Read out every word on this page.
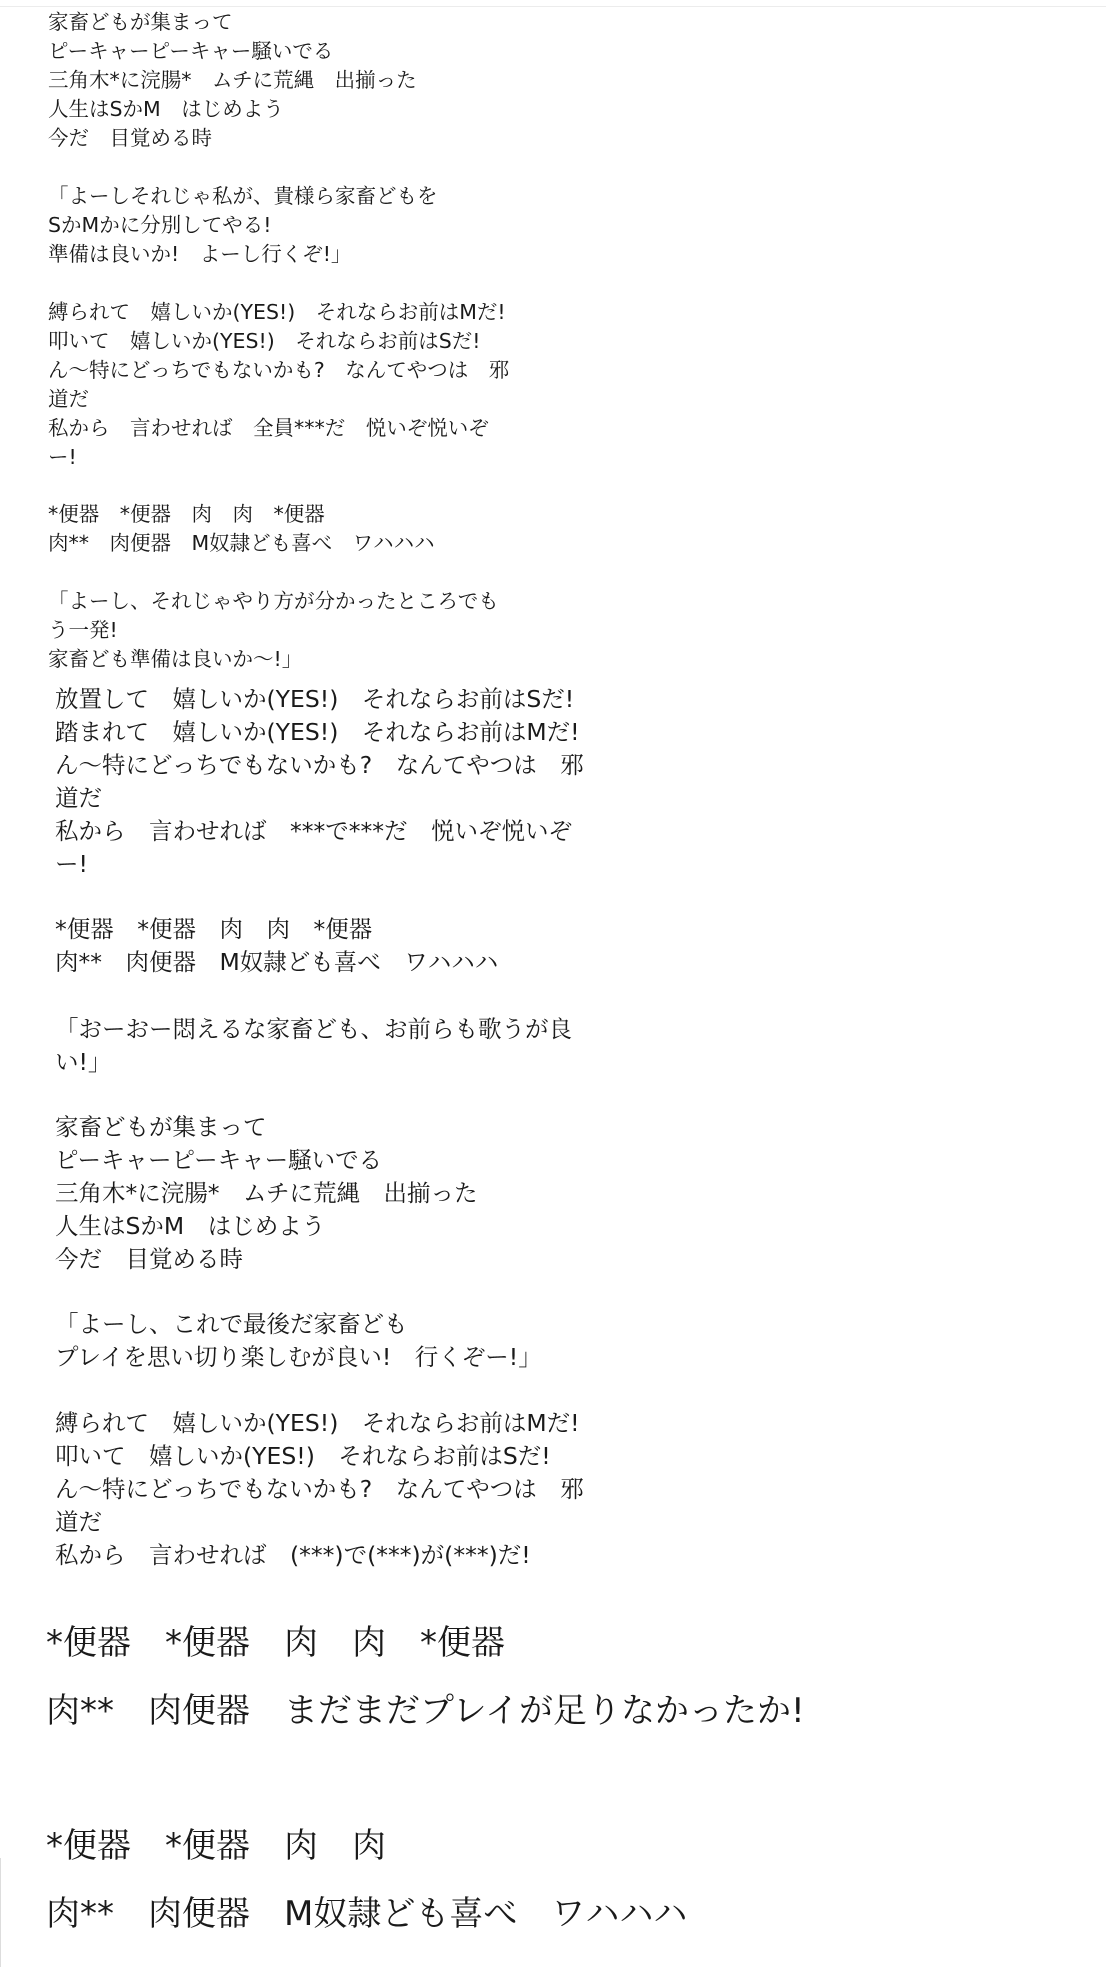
家畜どもが集まって
ピーキャーピーキャー騒いでる
三角木*に浣腸*　ムチに荒縄　出揃った
人生はSかM　はじめよう
今だ　目覚める時
「よーしそれじゃ私が、貴様ら家畜どもを
SかMかに分別してやる!
準備は良いか!　よーし行くぞ!」
縛られて　嬉しいか(YES!)　それならお前はMだ!
叩いて　嬉しいか(YES!)　それならお前はSだ!
ん～特にどっちでもないかも?　なんてやつは　邪
道だ
私から　言わせれば　全員***だ　悦いぞ悦いぞ
ー!
*便器　*便器　肉　肉　*便器
肉**　肉便器　M奴隷ども喜べ　ワハハハ
「よーし、それじゃやり方が分かったところでも
う一発!
家畜ども準備は良いか～!」
放置して　嬉しいか(YES!)　それならお前はSだ!
踏まれて　嬉しいか(YES!)　それならお前はMだ!
ん～特にどっちでもないかも?　なんてやつは　邪
道だ
私から　言わせれば　***で***だ　悦いぞ悦いぞ
ー!
*便器　*便器　肉　肉　*便器
肉**　肉便器　M奴隷ども喜べ　ワハハハ
「おーおー悶えるな家畜ども、お前らも歌うが良
い!」
家畜どもが集まって
ピーキャーピーキャー騒いでる
三角木*に浣腸*　ムチに荒縄　出揃った
人生はSかM　はじめよう
今だ　目覚める時
「よーし、これで最後だ家畜ども
プレイを思い切り楽しむが良い!　行くぞー!」
縛られて　嬉しいか(YES!)　それならお前はMだ!
叩いて　嬉しいか(YES!)　それならお前はSだ!
ん～特にどっちでもないかも?　なんてやつは　邪
道だ
私から　言わせれば　(***)で(***)が(***)だ!
*便器　*便器　肉　肉　*便器
肉**　肉便器　まだまだプレイが足りなかったか!
*便器　*便器　肉　肉
肉**　肉便器　M奴隷ども喜べ　ワハハハ
